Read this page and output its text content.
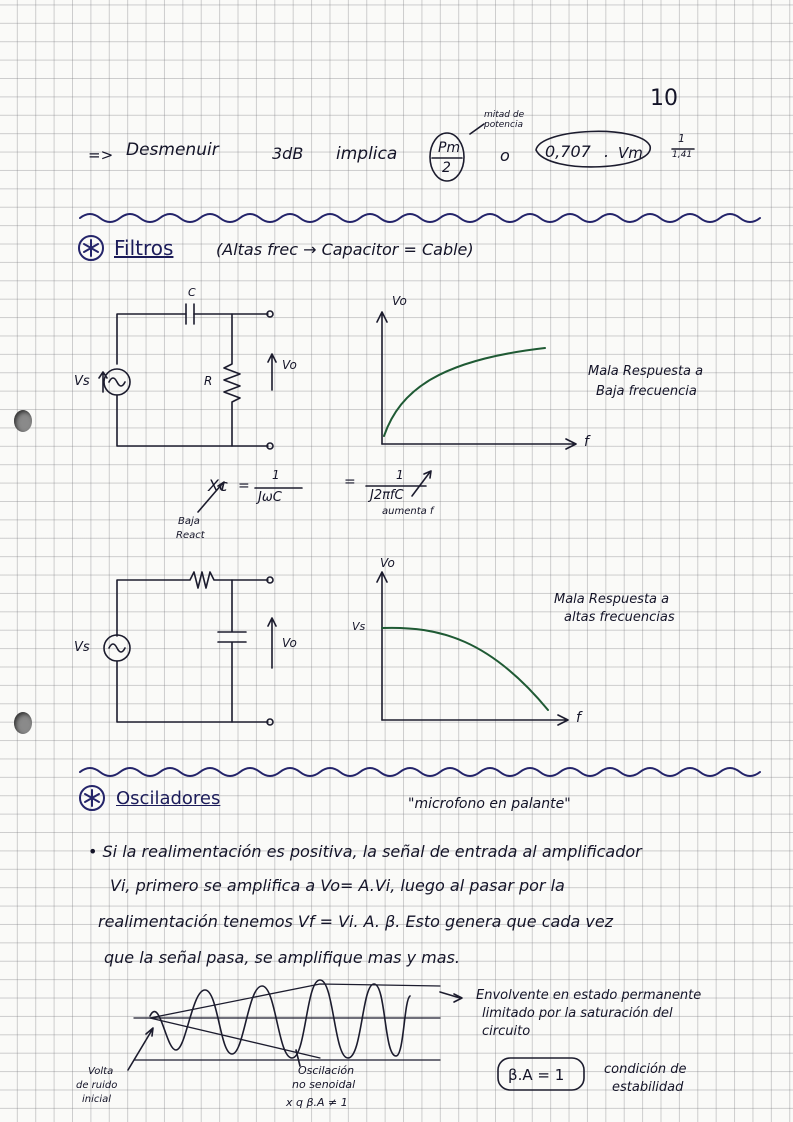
10
=> Desmenuir	3dB implica	Pm
2
mitad de potencia
o 0,707 . Vm
1
1,41
Filtros	(Altas frec → Capacitor = Cable)
C
R
Vs
Vo
Vo
f
Mala Respuesta a
Baja frecuencia
Xc =
1
JωC
=	1
J2πfC
Baja
React
aumenta f
Vs	Vo
Vo
Vs
f
Mala Respuesta a
altas frecuencias
Osciladores	"microfono en palante"
• Si la realimentación es positiva, la señal de entrada al amplificador
Vi, primero se amplifica a Vo= A.Vi, luego al pasar por la
realimentación tenemos Vf = Vi. A. β. Esto genera que cada vez
que la señal pasa, se amplifique mas y mas.
Envolvente en estado permanente
limitado por la saturación del
circuito
Volta
de ruido
inicial
Oscilación
no senoidal
x q β.A ≠ 1
β.A = 1	condición de
estabilidad
